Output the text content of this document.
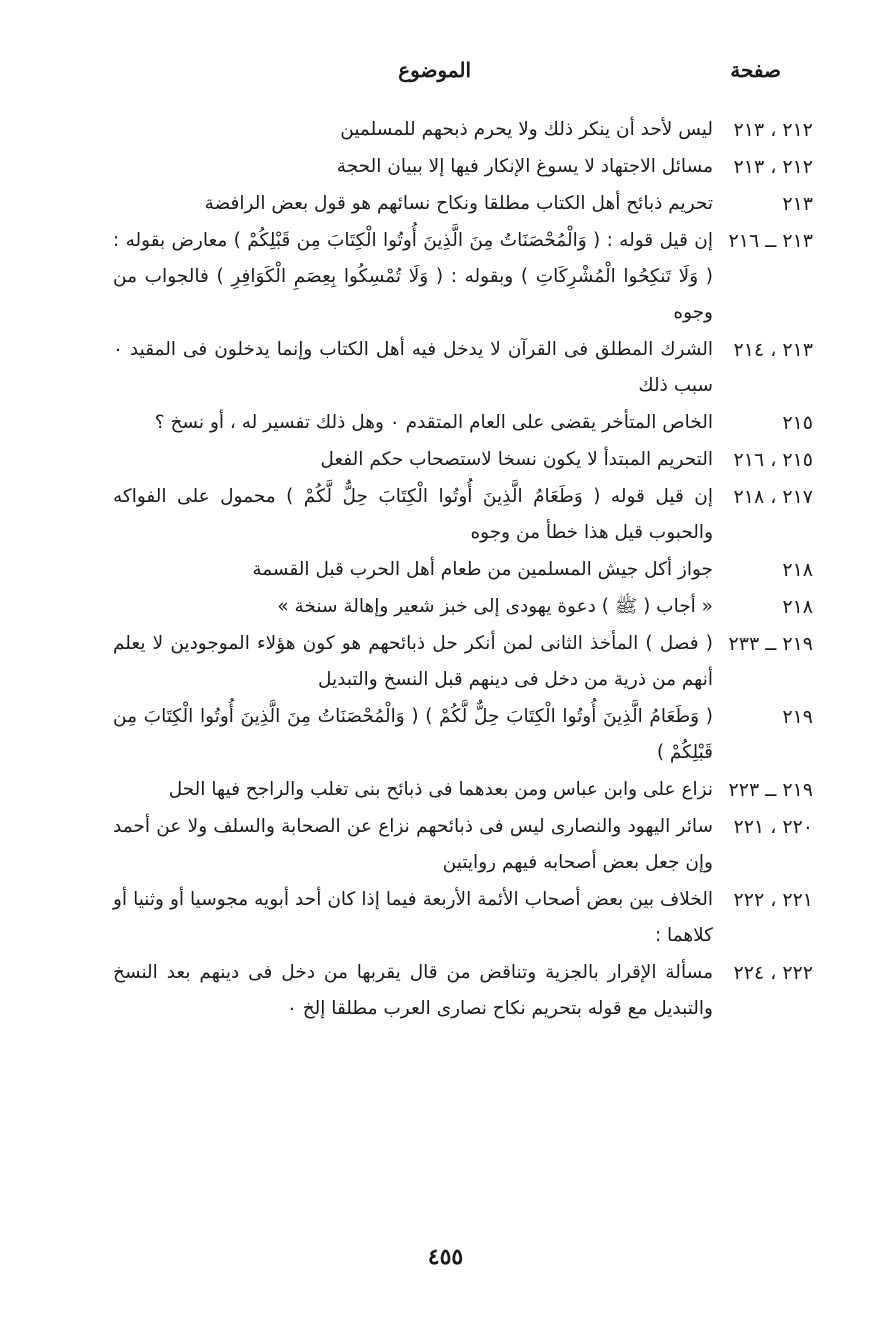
صفحة
الموضوع
٢١٢ ، ٢١٣
ليس لأحد أن ينكر ذلك ولا يحرم ذبحهم للمسلمين
٢١٢ ، ٢١٣
مسائل الاجتهاد لا يسوغ الإنكار فيها إلا ببيان الحجة
٢١٣
تحريم ذبائح أهل الكتاب مطلقا ونكاح نسائهم هو قول بعض الرافضة
٢١٣ ــ ٢١٦
إن قيل قوله : ( وَالْمُحْصَنَاتُ مِنَ الَّذِينَ أُوتُوا الْكِتَابَ مِن قَبْلِكُمْ ) معارض بقوله : ( وَلَا تَنكِحُوا الْمُشْرِكَاتِ ) وبقوله : ( وَلَا تُمْسِكُوا بِعِصَمِ الْكَوَافِرِ ) فالجواب من وجوه
٢١٣ ، ٢١٤
الشرك المطلق فى القرآن لا يدخل فيه أهل الكتاب وإنما يدخلون فى المقيد ٠ سبب ذلك
٢١٥
الخاص المتأخر يقضى على العام المتقدم ٠ وهل ذلك تفسير له ، أو نسخ ؟
٢١٥ ، ٢١٦
التحريم المبتدأ لا يكون نسخا لاستصحاب حكم الفعل
٢١٧ ، ٢١٨
إن قيل قوله ( وَطَعَامُ الَّذِينَ أُوتُوا الْكِتَابَ حِلٌّ لَّكُمْ ) محمول على الفواكه والحبوب قيل هذا خطأ من وجوه
٢١٨
جواز أكل جيش المسلمين من طعام أهل الحرب قبل القسمة
٢١٨
« أجاب ( ﷺ ) دعوة يهودى إلى خبز شعير وإهالة سنخة »
٢١٩ ــ ٢٣٣
( فصل ) المأخذ الثانى لمن أنكر حل ذبائحهم هو كون هؤلاء الموجودين لا يعلم أنهم من ذرية من دخل فى دينهم قبل النسخ والتبديل
٢١٩
( وَطَعَامُ الَّذِينَ أُوتُوا الْكِتَابَ حِلٌّ لَّكُمْ ) ( وَالْمُحْصَنَاتُ مِنَ الَّذِينَ أُوتُوا الْكِتَابَ مِن قَبْلِكُمْ )
٢١٩ ــ ٢٢٣
نزاع على وابن عباس ومن بعدهما فى ذبائح بنى تغلب والراجح فيها الحل
٢٢٠ ، ٢٢١
سائر اليهود والنصارى ليس فى ذبائحهم نزاع عن الصحابة والسلف ولا عن أحمد وإن جعل بعض أصحابه فيهم روايتين
٢٢١ ، ٢٢٢
الخلاف بين بعض أصحاب الأئمة الأربعة فيما إذا كان أحد أبويه مجوسيا أو وثنيا أو كلاهما :
٢٢٢ ، ٢٢٤
مسألة الإقرار بالجزية وتناقض من قال يقربها من دخل فى دينهم بعد النسخ والتبديل مع قوله بتحريم نكاح نصارى العرب مطلقا إلخ ٠
٤٥٥
